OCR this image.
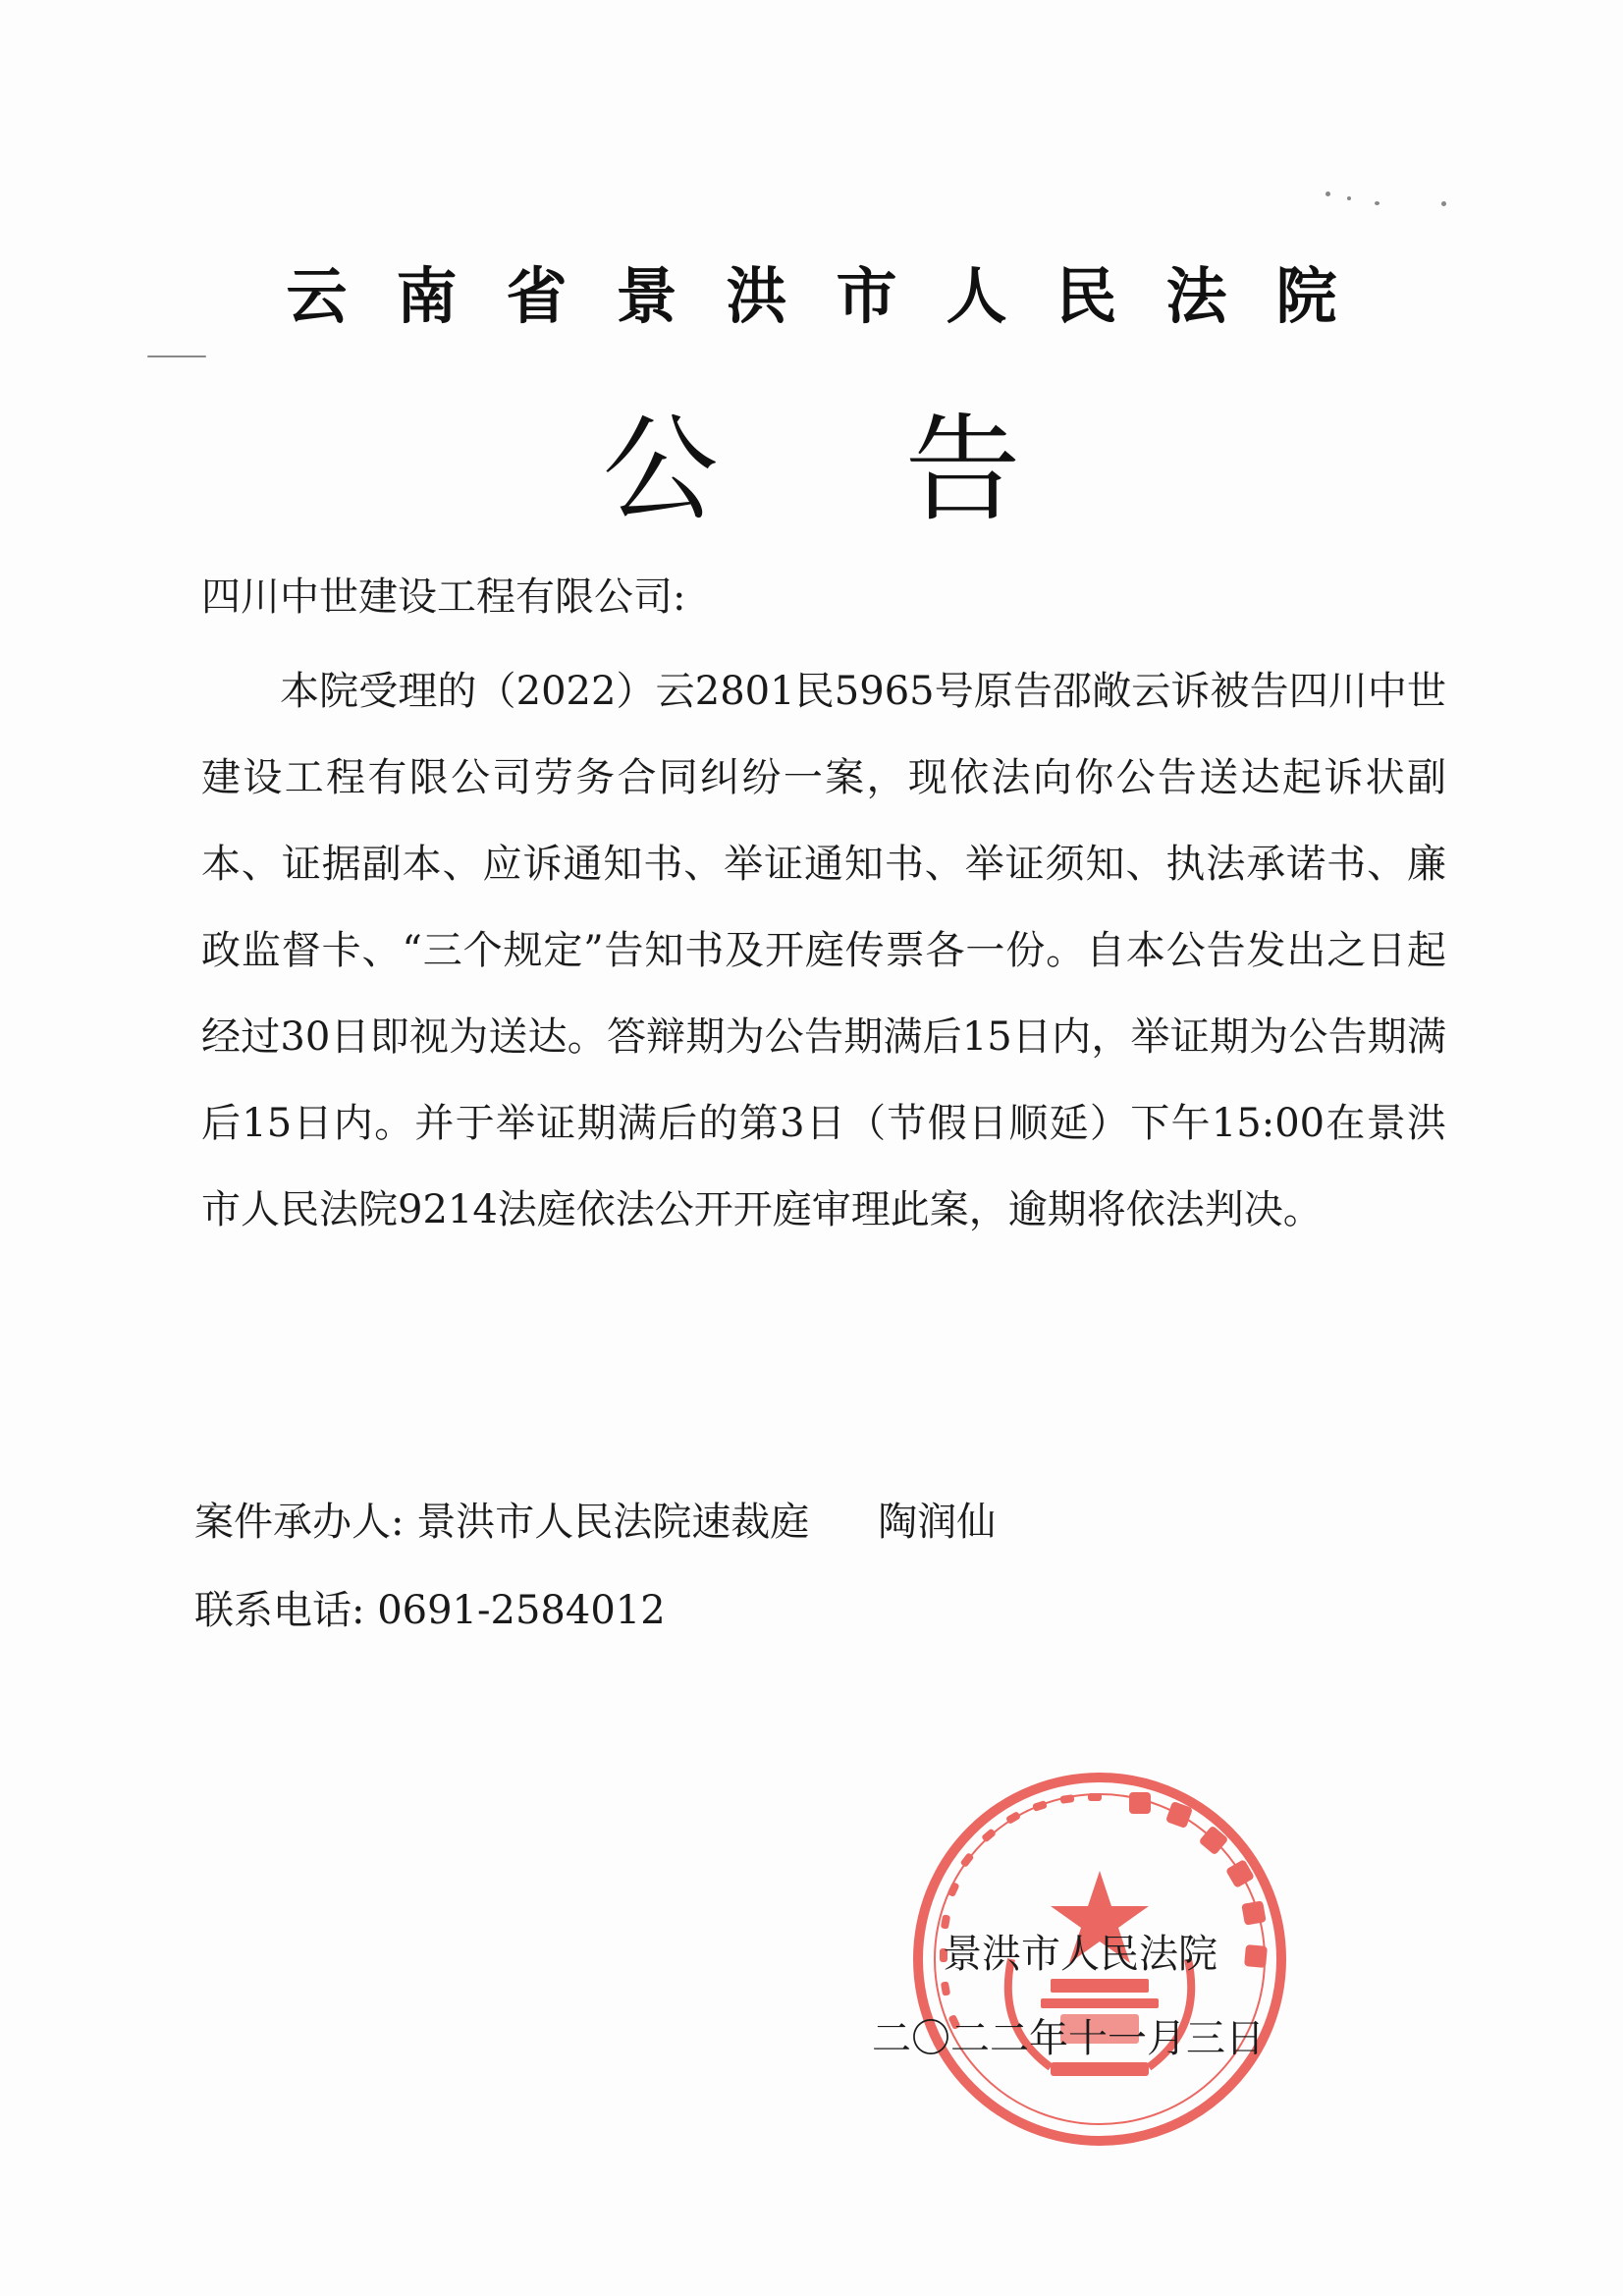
云南省景洪市人民法院
公告
四川中世建设工程有限公司:
本院受理的（2022）云2801民5965号原告邵敞云诉被告四川中世建设工程有限公司劳务合同纠纷一案，现依法向你公告送达起诉状副本、证据副本、应诉通知书、举证通知书、举证须知、执法承诺书、廉政监督卡、“三个规定”告知书及开庭传票各一份。自本公告发出之日起经过30日即视为送达。答辩期为公告期满后15日内，举证期为公告期满后15日内。并于举证期满后的第3日（节假日顺延）下午15:00在景洪市人民法院9214法庭依法公开开庭审理此案，逾期将依法判决。
案件承办人: 景洪市人民法院速裁庭 陶润仙
联系电话: 0691-2584012
景洪市人民法院
二〇二二年十一月三日
